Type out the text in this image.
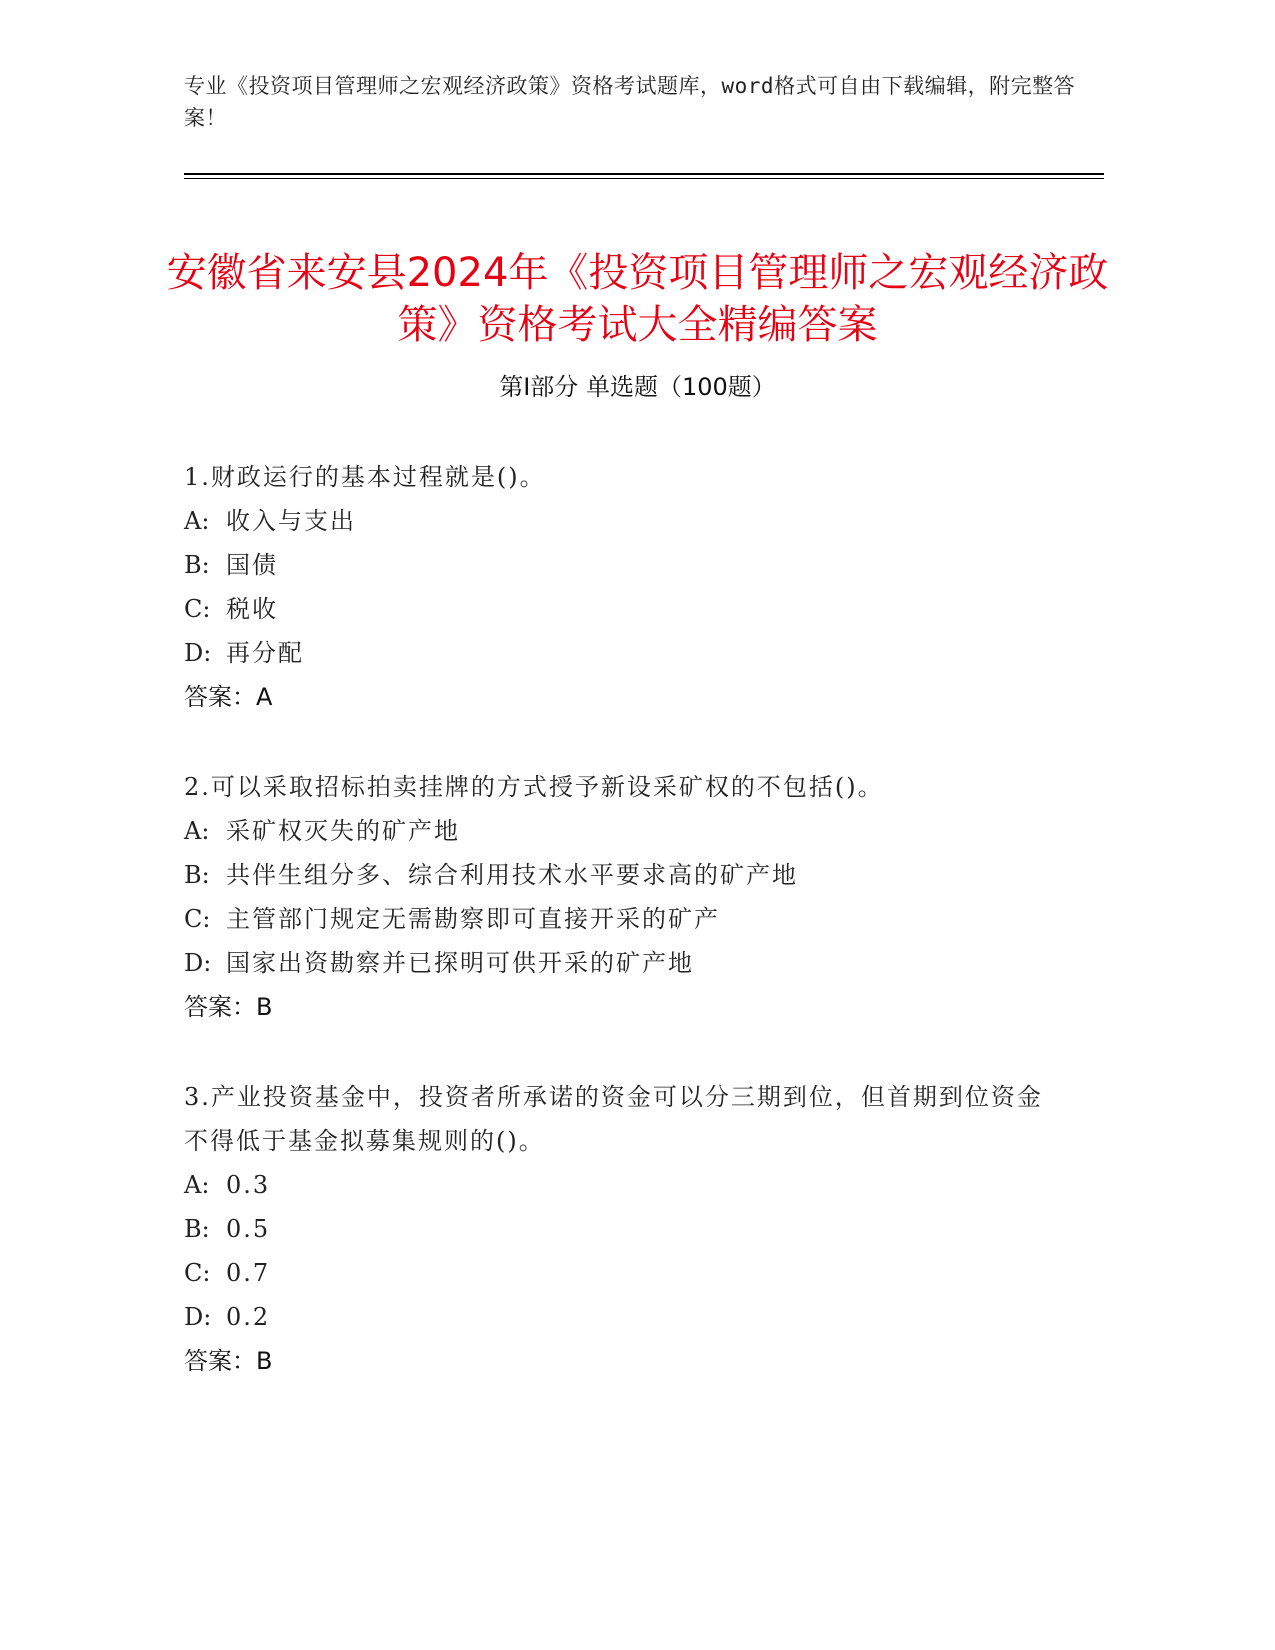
专业《投资项目管理师之宏观经济政策》资格考试题库，word格式可自由下载编辑，附完整答案！
安徽省来安县2024年《投资项目管理师之宏观经济政策》资格考试大全精编答案
第Ⅰ部分 单选题（100题）

1.财政运行的基本过程就是()。

A: 收入与支出
B: 国债
C: 税收
D: 再分配
答案：A

2.可以采取招标拍卖挂牌的方式授予新设采矿权的不包括()。

A: 采矿权灭失的矿产地
B: 共伴生组分多、综合利用技术水平要求高的矿产地
C: 主管部门规定无需勘察即可直接开采的矿产
D: 国家出资勘察并已探明可供开采的矿产地
答案：B

3.产业投资基金中，投资者所承诺的资金可以分三期到位，但首期到位资金不得低于基金拟募集规则的()。

A: 0.3
B: 0.5
C: 0.7
D: 0.2
答案：B
